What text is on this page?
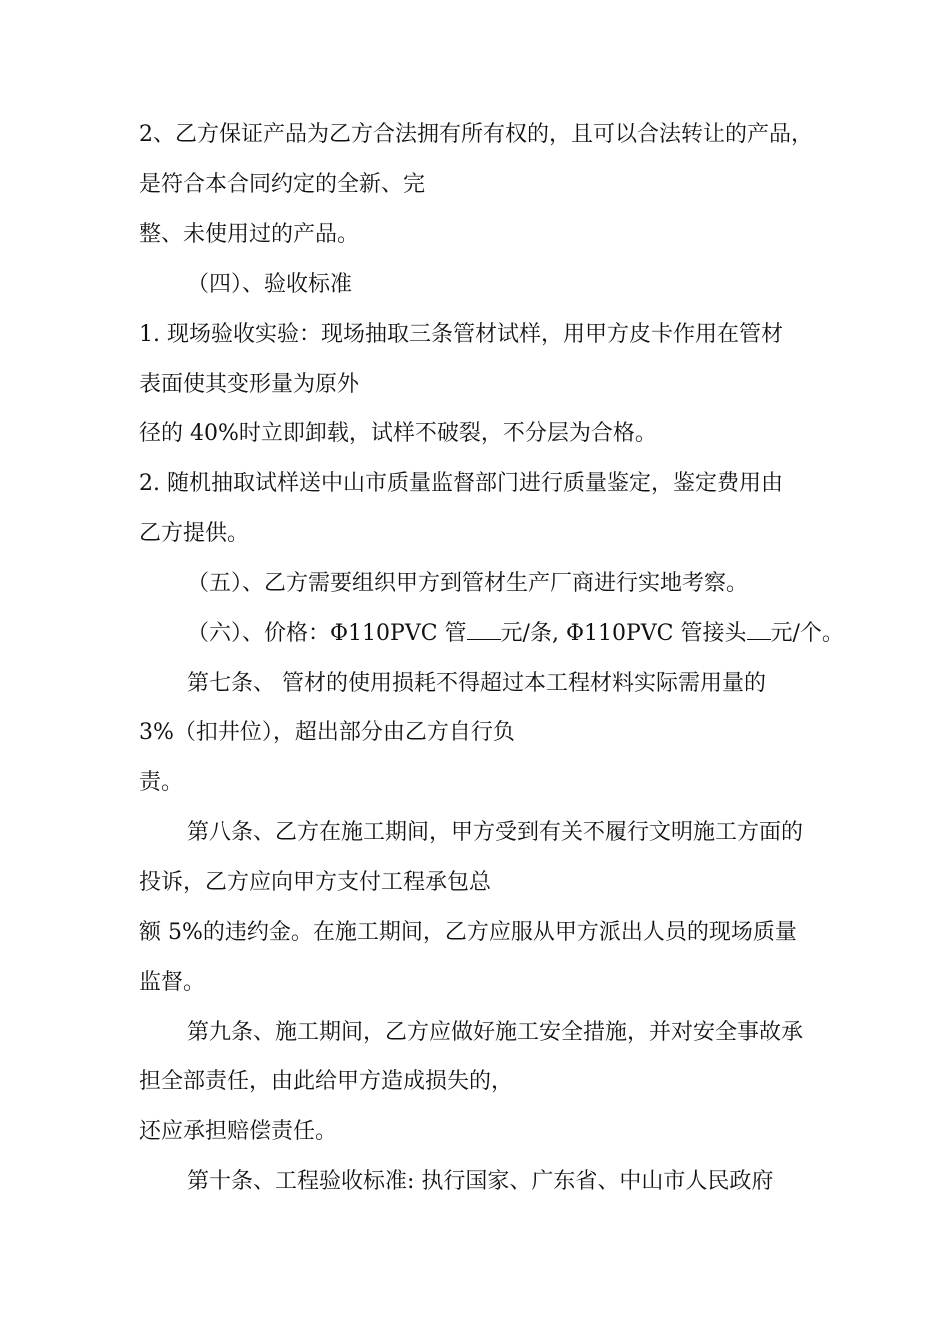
2、乙方保证产品为乙方合法拥有所有权的，且可以合法转让的产品，
是符合本合同约定的全新、完
整、未使用过的产品。
（四）、验收标准
1. 现场验收实验：现场抽取三条管材试样，用甲方皮卡作用在管材
表面使其变形量为原外
径的 40%时立即卸载，试样不破裂，不分层为合格。
2. 随机抽取试样送中山市质量监督部门进行质量鉴定，鉴定费用由
乙方提供。
（五）、乙方需要组织甲方到管材生产厂商进行实地考察。
（六）、价格：Φ110PVC 管 元/条, Φ110PVC 管接头 元/个。
第七条、 管材的使用损耗不得超过本工程材料实际需用量的
3%（扣井位），超出部分由乙方自行负
责。
第八条、乙方在施工期间，甲方受到有关不履行文明施工方面的
投诉，乙方应向甲方支付工程承包总
额 5%的违约金。在施工期间，乙方应服从甲方派出人员的现场质量
监督。
第九条、施工期间，乙方应做好施工安全措施，并对安全事故承
担全部责任，由此给甲方造成损失的，
还应承担赔偿责任。
第十条、工程验收标准: 执行国家、广东省、中山市人民政府
